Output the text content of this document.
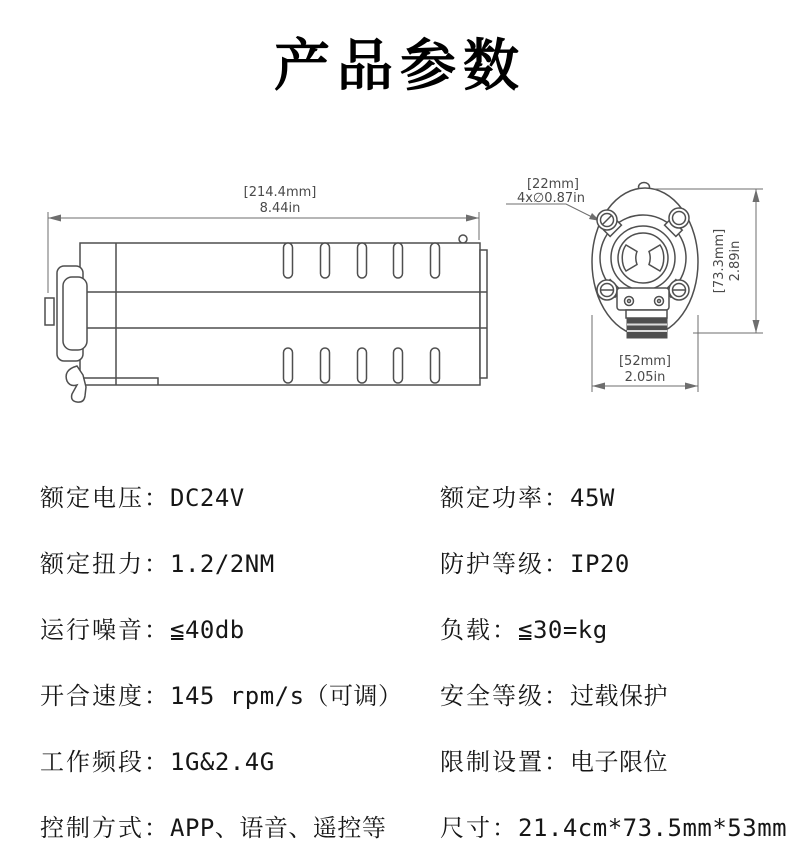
产品参数
[214.4mm]
8.44in
[22mm]
4x∅0.87in
[73.3mm] 2.89in
[52mm]
2.05in
额定电压：DC24V	额定功率：45W
额定扭力：1.2/2NM	防护等级：IP20
运行噪音：≦40db	负载：≦30=kg
开合速度：145 rpm/s（可调）	安全等级：过载保护
工作频段：1G&2.4G	限制设置：电子限位
控制方式：APP、语音、遥控等	尺寸：21.4cm*73.5mm*53mm
